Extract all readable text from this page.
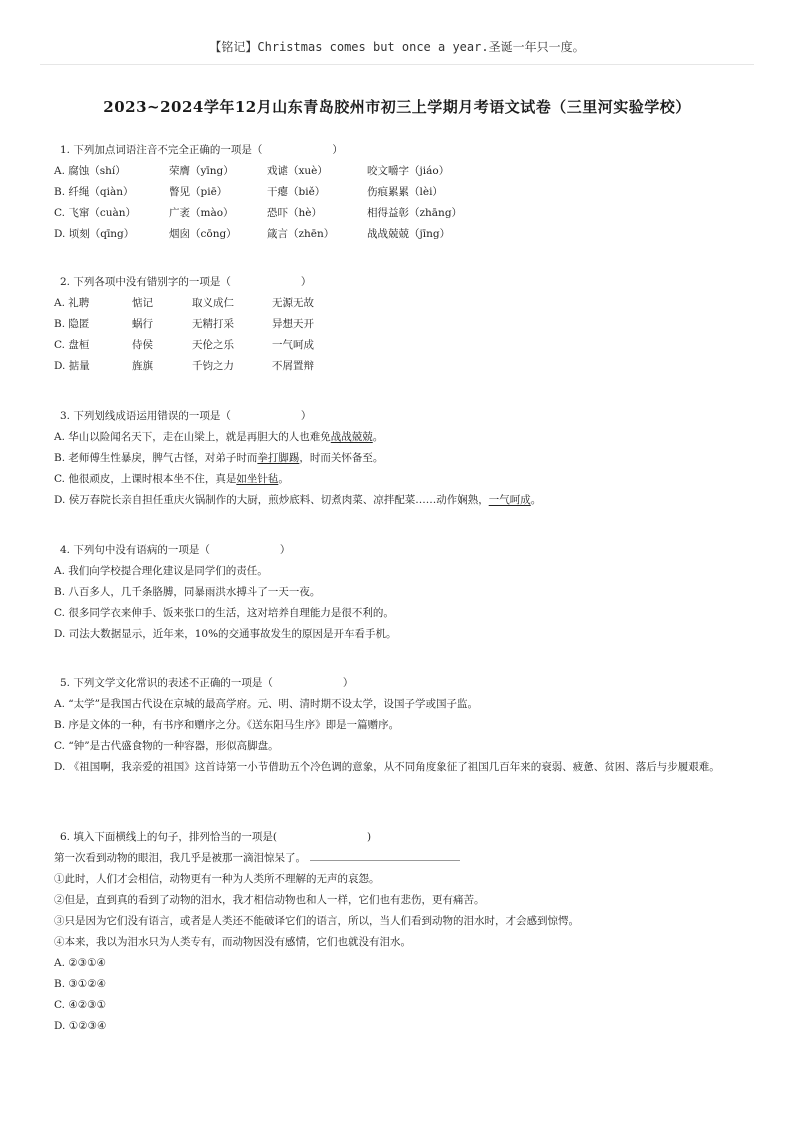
【铭记】Christmas comes but once a year.圣诞一年只一度。
2023~2024学年12月山东青岛胶州市初三上学期月考语文试卷（三里河实验学校）
1. 下列加点词语注音不完全正确的一项是（	）
A. 腐蚀（shí）	荣膺（yīng）	戏谑（xuè）	咬文嚼字（jiáo）
B. 纤绳（qiàn）	瞥见（piē）	干瘪（biě）	伤痕累累（lèi）
C. 飞窜（cuàn）	广袤（mào）	恐吓（hè）	相得益彰（zhāng）
D. 顷刻（qīng）	烟囱（cōng）	箴言（zhēn）	战战兢兢（jīng）
2. 下列各项中没有错别字的一项是（	）
A. 礼聘	惦记	取义成仁	无源无故
B. 隐匿	蜗行	无精打采	异想天开
C. 盘桓	侍侯	天伦之乐	一气呵成
D. 掂量	旌旗	千钧之力	不屑置辩
3. 下列划线成语运用错误的一项是（	）
A. 华山以险闻名天下，走在山梁上，就是再胆大的人也难免战战兢兢。
B. 老师傅生性暴戾，脾气古怪，对弟子时而拳打脚踢，时而关怀备至。
C. 他很顽皮，上课时根本坐不住，真是如坐针毡。
D. 侯万春院长亲自担任重庆火锅制作的大厨，煎炒底料、切煮肉菜、凉拌配菜……动作娴熟，一气呵成。
4. 下列句中没有语病的一项是（	）
A. 我们向学校提合理化建议是同学们的责任。
B. 八百多人，几千条胳膊，同暴雨洪水搏斗了一天一夜。
C. 很多同学衣来伸手、饭来张口的生活，这对培养自理能力是很不利的。
D. 司法大数据显示，近年来，10%的交通事故发生的原因是开车看手机。
5. 下列文学文化常识的表述不正确的一项是（	）
A. “太学”是我国古代设在京城的最高学府。元、明、清时期不设太学，设国子学或国子监。
B. 序是文体的一种，有书序和赠序之分。《送东阳马生序》即是一篇赠序。
C. “钟”是古代盛食物的一种容器，形似高脚盘。
D. 《祖国啊，我亲爱的祖国》这首诗第一小节借助五个冷色调的意象，从不同角度象征了祖国几百年来的衰弱、疲惫、贫困、落后与步履艰难。
6. 填入下面横线上的句子，排列恰当的一项是(	)
第一次看到动物的眼泪，我几乎是被那一滴泪惊呆了。
①此时，人们才会相信，动物更有一种为人类所不理解的无声的哀怨。
②但是，直到真的看到了动物的泪水，我才相信动物也和人一样，它们也有悲伤，更有痛苦。
③只是因为它们没有语言，或者是人类还不能破译它们的语言，所以，当人们看到动物的泪水时，才会感到惊愕。
④本来，我以为泪水只为人类专有，而动物因没有感情，它们也就没有泪水。
A. ②③①④
B. ③①②④
C. ④②③①
D. ①②③④
